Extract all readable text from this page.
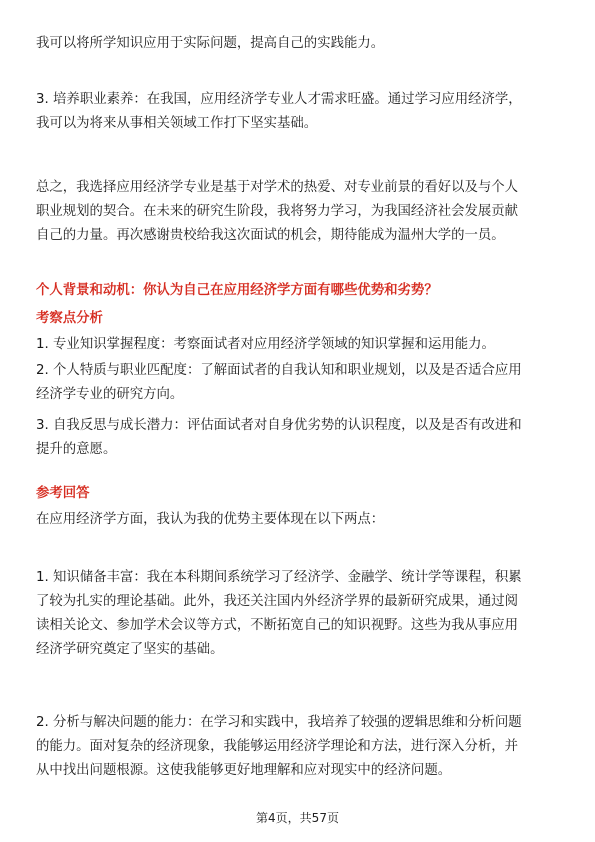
我可以将所学知识应用于实际问题，提高自己的实践能力。
3. 培养职业素养：在我国，应用经济学专业人才需求旺盛。通过学习应用经济学，
我可以为将来从事相关领域工作打下坚实基础。
总之，我选择应用经济学专业是基于对学术的热爱、对专业前景的看好以及与个人
职业规划的契合。在未来的研究生阶段，我将努力学习，为我国经济社会发展贡献
自己的力量。再次感谢贵校给我这次面试的机会，期待能成为温州大学的一员。
个人背景和动机：你认为自己在应用经济学方面有哪些优势和劣势？
考察点分析
1. 专业知识掌握程度：考察面试者对应用经济学领域的知识掌握和运用能力。
2. 个人特质与职业匹配度：了解面试者的自我认知和职业规划，以及是否适合应用
经济学专业的研究方向。
3. 自我反思与成长潜力：评估面试者对自身优劣势的认识程度，以及是否有改进和
提升的意愿。
参考回答
在应用经济学方面，我认为我的优势主要体现在以下两点：
1. 知识储备丰富：我在本科期间系统学习了经济学、金融学、统计学等课程，积累
了较为扎实的理论基础。此外，我还关注国内外经济学界的最新研究成果，通过阅
读相关论文、参加学术会议等方式，不断拓宽自己的知识视野。这些为我从事应用
经济学研究奠定了坚实的基础。
2. 分析与解决问题的能力：在学习和实践中，我培养了较强的逻辑思维和分析问题
的能力。面对复杂的经济现象，我能够运用经济学理论和方法，进行深入分析，并
从中找出问题根源。这使我能够更好地理解和应对现实中的经济问题。
第4页，共57页
